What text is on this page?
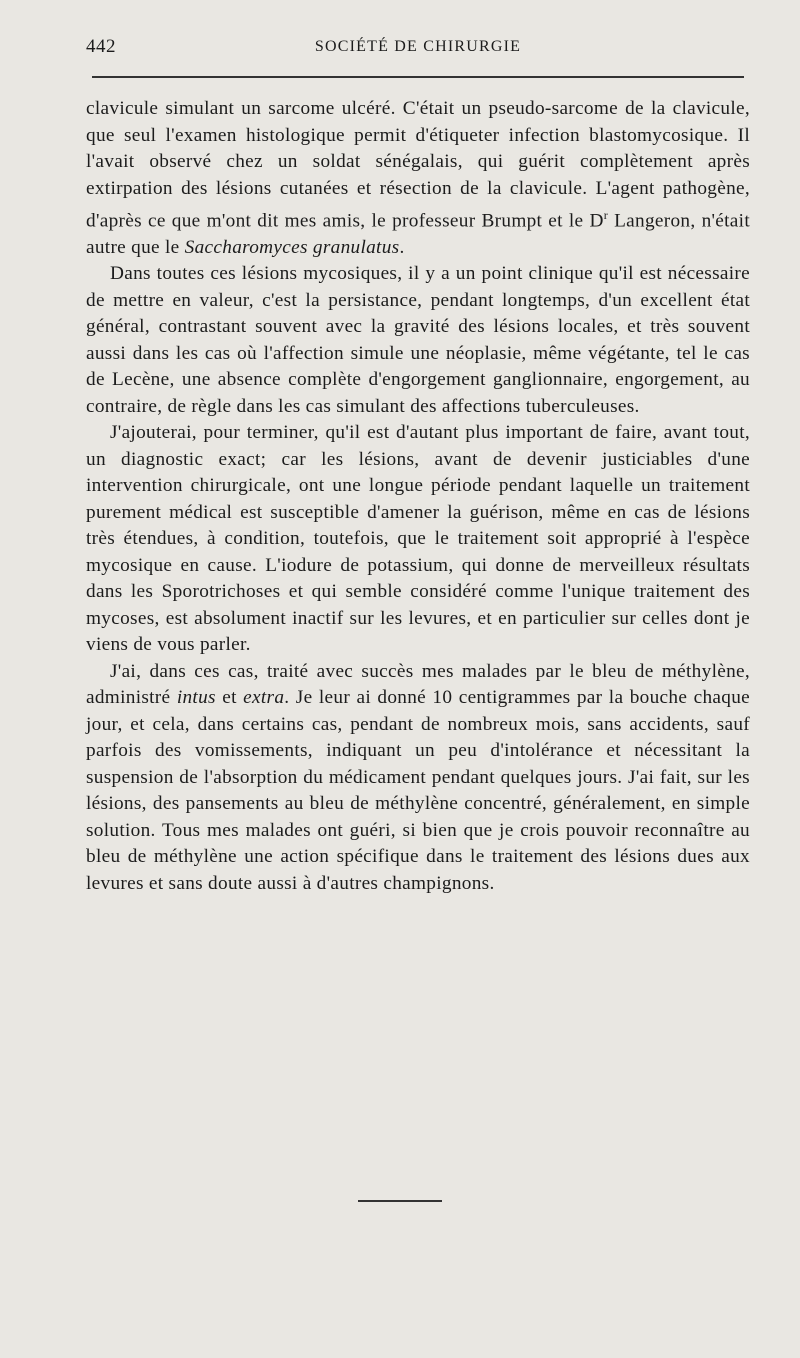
442	SOCIÉTÉ DE CHIRURGIE

clavicule simulant un sarcome ulcéré. C'était un pseudo-sarcome de la clavicule, que seul l'examen histologique permit d'étiqueter infection blastomycosique. Il l'avait observé chez un soldat sénégalais, qui guérit complètement après extirpation des lésions cutanées et résection de la clavicule. L'agent pathogène, d'après ce que m'ont dit mes amis, le professeur Brumpt et le $D^r$ Langeron, n'était autre que le Saccharomyces granulatus.

Dans toutes ces lésions mycosiques, il y a un point clinique qu'il est nécessaire de mettre en valeur, c'est la persistance, pendant longtemps, d'un excellent état général, contrastant souvent avec la gravité des lésions locales, et très souvent aussi dans les cas où l'affection simule une néoplasie, même végétante, tel le cas de Lecène, une absence complète d'engorgement ganglionnaire, engorgement, au contraire, de règle dans les cas simulant des affections tuberculeuses.

J'ajouterai, pour terminer, qu'il est d'autant plus important de faire, avant tout, un diagnostic exact; car les lésions, avant de devenir justiciables d'une intervention chirurgicale, ont une longue période pendant laquelle un traitement purement médical est susceptible d'amener la guérison, même en cas de lésions très étendues, à condition, toutefois, que le traitement soit approprié à l'espèce mycosique en cause. L'iodure de potassium, qui donne de merveilleux résultats dans les Sporotrichoses et qui semble considéré comme l'unique traitement des mycoses, est absolument inactif sur les levures, et en particulier sur celles dont je viens de vous parler.

J'ai, dans ces cas, traité avec succès mes malades par le bleu de méthylène, administré intus et extra. Je leur ai donné 10 centigrammes par la bouche chaque jour, et cela, dans certains cas, pendant de nombreux mois, sans accidents, sauf parfois des vomissements, indiquant un peu d'intolérance et nécessitant la suspension de l'absorption du médicament pendant quelques jours. J'ai fait, sur les lésions, des pansements au bleu de méthylène concentré, généralement, en simple solution. Tous mes malades ont guéri, si bien que je crois pouvoir reconnaître au bleu de méthylène une action spécifique dans le traitement des lésions dues aux levures et sans doute aussi à d'autres champignons.
